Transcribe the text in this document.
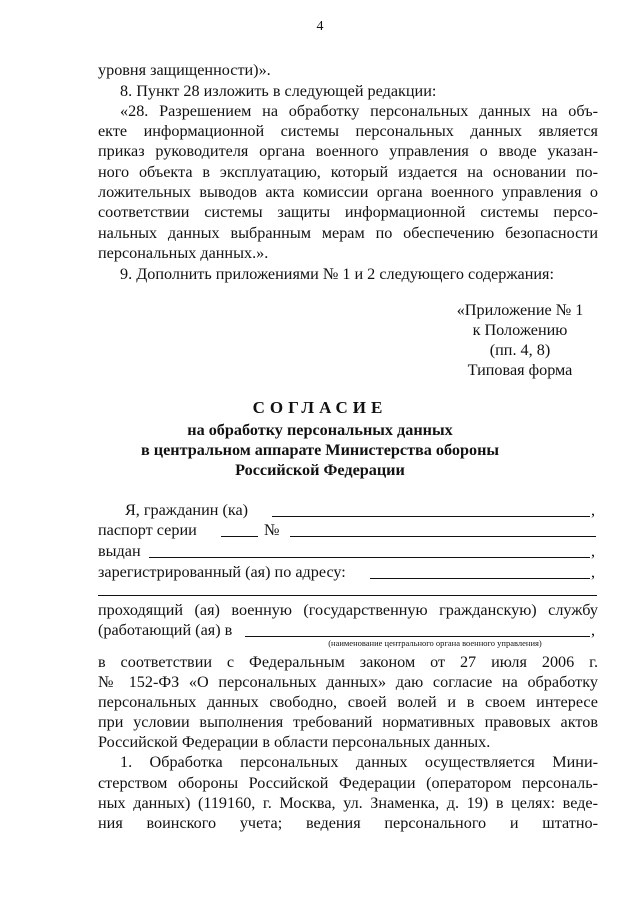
4
уровня защищенности)».
8. Пункт 28 изложить в следующей редакции:
«28. Разрешением на обработку персональных данных на объ-
екте информационной системы персональных данных является
приказ руководителя органа военного управления о вводе указан-
ного объекта в эксплуатацию, который издается на основании по-
ложительных выводов акта комиссии органа военного управления о
соответствии системы защиты информационной системы персо-
нальных данных выбранным мерам по обеспечению безопасности
персональных данных.».
9. Дополнить приложениями № 1 и 2 следующего содержания:
«Приложение № 1
к Положению
(пп. 4, 8)
Типовая форма
СОГЛАСИЕ
на обработку персональных данных
в центральном аппарате Министерства обороны
Российской Федерации
Я, граждан​ин (ка)	,
паспорт серии	№
выдан	,
зарегистрированный (ая) по адресу:	,
проходящий (ая) военную (государственную гражданскую) службу
(работающий (ая) в	,
(наименование центрального органа военного управления)
в соответствии с Федеральным законом от 27 июля 2006 г.
№ 152-ФЗ «О персональных данных» даю согласие на обработку
персональных данных свободно, своей волей и в своем интересе
при условии выполнения требований нормативных правовых актов
Российской Федерации в области персональных данных.
1. Обработка персональных данных осуществляется Мини-
стерством обороны Российской Федерации (оператором персональ-
ных данных) (119160, г. Москва, ул. Знаменка, д. 19) в целях: веде-
ния воинского учета; ведения персонального и штатно-
